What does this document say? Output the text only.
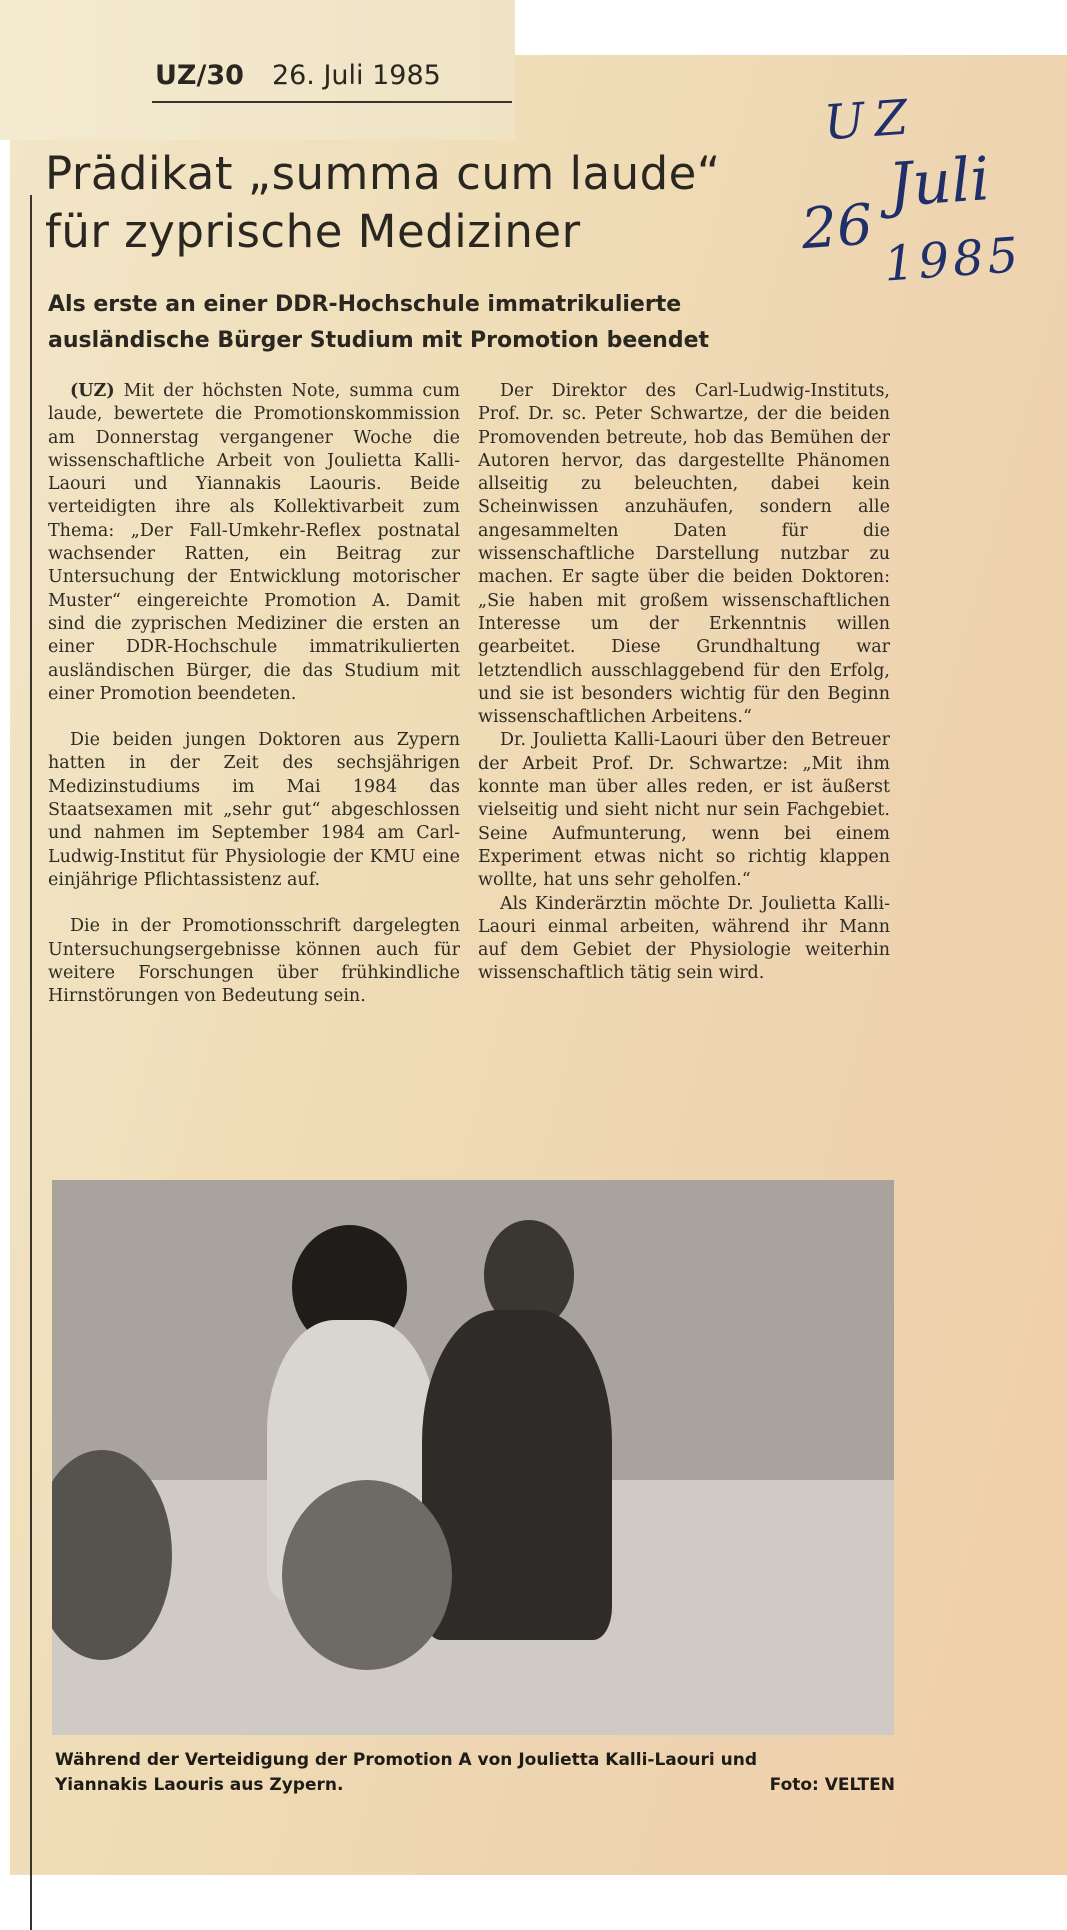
UZ/30 26. Juli 1985
UZ
Juli
26 1985
Prädikat „summa cum laude“
für zyprische Mediziner
Als erste an einer DDR-Hochschule immatrikulierte
ausländische Bürger Studium mit Promotion beendet

(UZ) Mit der höchsten Note, summa cum laude, bewertete die Promotionskommission am Donnerstag vergangener Woche die wissenschaftliche Arbeit von Joulietta Kalli-Laouri und Yiannakis Laouris. Beide verteidigten ihre als Kollektivarbeit zum Thema: „Der Fall-Umkehr-Reflex postnatal wachsender Ratten, ein Beitrag zur Untersuchung der Entwicklung motorischer Muster“ eingereichte Promotion A. Damit sind die zyprischen Mediziner die ersten an einer DDR-Hochschule immatrikulierten ausländischen Bürger, die das Studium mit einer Promotion beendeten.

Die beiden jungen Doktoren aus Zypern hatten in der Zeit des sechsjährigen Medizinstudiums im Mai 1984 das Staatsexamen mit „sehr gut“ abgeschlossen und nahmen im September 1984 am Carl-Ludwig-Institut für Physiologie der KMU eine einjährige Pflichtassistenz auf.

Die in der Promotionsschrift dargelegten Untersuchungsergebnisse können auch für weitere Forschungen über frühkindliche Hirnstörungen von Bedeutung sein.

Der Direktor des Carl-Ludwig-Instituts, Prof. Dr. sc. Peter Schwartze, der die beiden Promovenden betreute, hob das Bemühen der Autoren hervor, das dargestellte Phänomen allseitig zu beleuchten, dabei kein Scheinwissen anzuhäufen, sondern alle angesammelten Daten für die wissenschaftliche Darstellung nutzbar zu machen. Er sagte über die beiden Doktoren: „Sie haben mit großem wissenschaftlichen Interesse um der Erkenntnis willen gearbeitet. Diese Grundhaltung war letztendlich ausschlaggebend für den Erfolg, und sie ist besonders wichtig für den Beginn wissenschaftlichen Arbeitens.“

Dr. Joulietta Kalli-Laouri über den Betreuer der Arbeit Prof. Dr. Schwartze: „Mit ihm konnte man über alles reden, er ist äußerst vielseitig und sieht nicht nur sein Fachgebiet. Seine Aufmunterung, wenn bei einem Experiment etwas nicht so richtig klappen wollte, hat uns sehr geholfen.“

Als Kinderärztin möchte Dr. Joulietta Kalli-Laouri einmal arbeiten, während ihr Mann auf dem Gebiet der Physiologie weiterhin wissenschaftlich tätig sein wird.

Während der Verteidigung der Promotion A von Joulietta Kalli-Laouri und Yiannakis Laouris aus Zypern.	Foto: VELTEN
